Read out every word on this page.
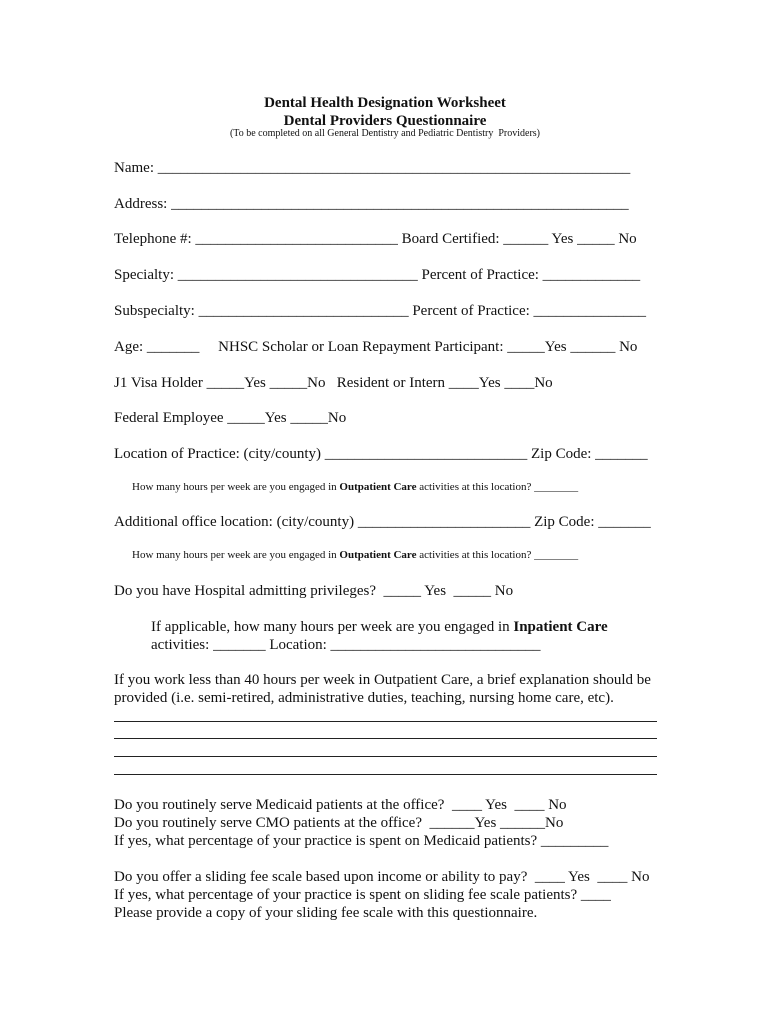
Dental Health Designation Worksheet
Dental Providers Questionnaire
(To be completed on all General Dentistry and Pediatric Dentistry  Providers)
Name: _______________________________________________________________
Address: _____________________________________________________________
Telephone #: ___________________________ Board Certified: ______ Yes _____ No
Specialty: ________________________________ Percent of Practice: _____________
Subspecialty: ____________________________ Percent of Practice: _______________
Age: _______     NHSC Scholar or Loan Repayment Participant: _____Yes ______ No
J1 Visa Holder _____Yes _____No   Resident or Intern ____Yes ____No
Federal Employee _____Yes _____No
Location of Practice: (city/county) ___________________________ Zip Code: _______
How many hours per week are you engaged in Outpatient Care activities at this location? ________
Additional office location: (city/county) _______________________ Zip Code: _______
How many hours per week are you engaged in Outpatient Care activities at this location? ________
Do you have Hospital admitting privileges?  _____ Yes  _____ No
If applicable, how many hours per week are you engaged in Inpatient Care
activities: _______ Location: ____________________________
If you work less than 40 hours per week in Outpatient Care, a brief explanation should be
provided (i.e. semi-retired, administrative duties, teaching, nursing home care, etc).
Do you routinely serve Medicaid patients at the office?  ____ Yes  ____ No
Do you routinely serve CMO patients at the office?  ______Yes ______No
If yes, what percentage of your practice is spent on Medicaid patients? _________
Do you offer a sliding fee scale based upon income or ability to pay?  ____ Yes  ____ No
If yes, what percentage of your practice is spent on sliding fee scale patients? ____
Please provide a copy of your sliding fee scale with this questionnaire.
